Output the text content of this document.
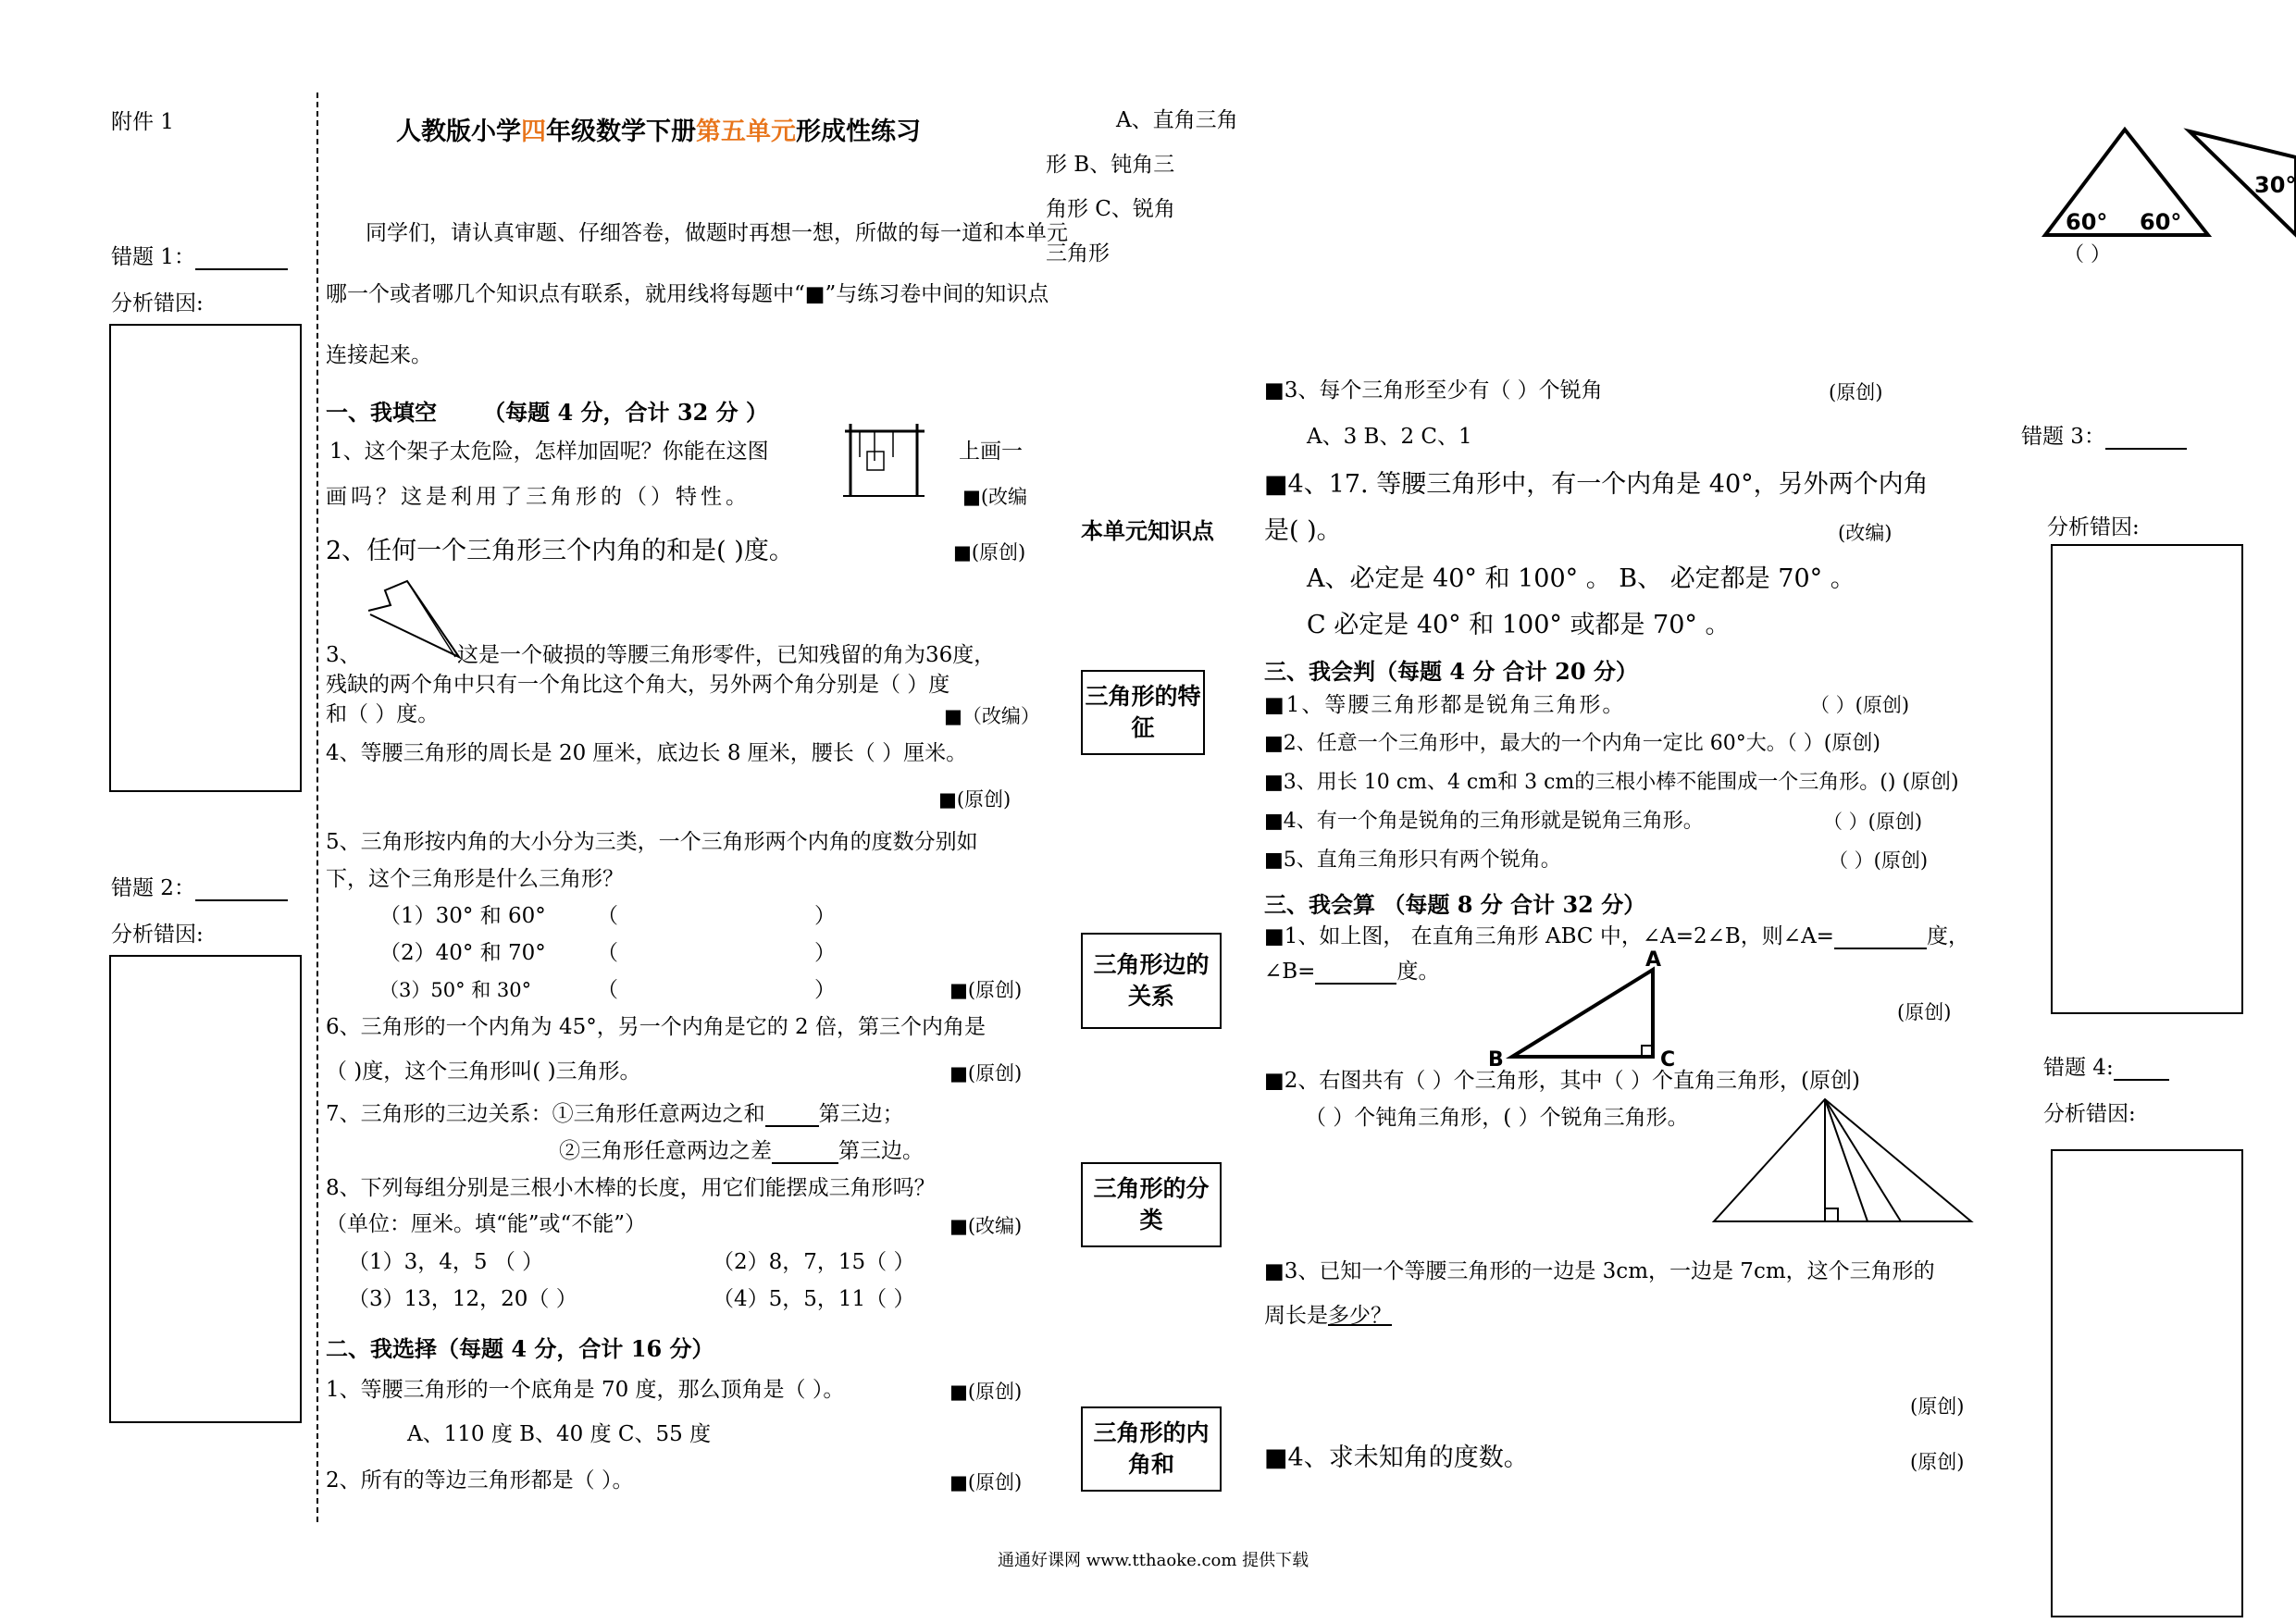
附件 1
错题 1：
分析错因:
错题 2：
分析错因:
人教版小学四年级数学下册第五单元形成性练习
同学们，请认真审题、仔细答卷，做题时再想一想，所做的每一道和本单元
哪一个或者哪几个知识点有联系，就用线将每题中“■”与练习卷中间的知识点
连接起来。
一、我填空 （每题 4 分，合计 32 分 ）
1、这个架子太危险，怎样加固呢？你能在这图	上画一
画吗？这是利用了三角形的（）特性。	■(改编
2、任何一个三角形三个内角的和是( )度。	■(原创)
3、	这是一个破损的等腰三角形零件，已知残留的角为36度，
残缺的两个角中只有一个角比这个角大，另外两个角分别是（ ）度
和（ ）度。	■（改编）
4、等腰三角形的周长是 20 厘米，底边长 8 厘米，腰长（ ）厘米。
■(原创)
5、三角形按内角的大小分为三类，一个三角形两个内角的度数分别如
下，这个三角形是什么三角形？
（1）30° 和 60° （	）
（2）40° 和 70° （	）
（3）50° 和 30°	（	）	■(原创)
6、三角形的一个内角为 45°，另一个内角是它的 2 倍，第三个内角是
（ )度，这个三角形叫( )三角形。	■(原创)
7、三角形的三边关系：①三角形任意两边之和	第三边；
②三角形任意两边之差	第三边。
8、下列每组分别是三根小木棒的长度，用它们能摆成三角形吗？
（单位：厘米。填“能”或“不能”）	■(改编)
（1）3，4，5 （ ）	（2）8，7，15（ ）
（3）13，12，20（ ）	（4）5，5，11（ ）
二、我选择（每题 4 分，合计 16 分）
1、等腰三角形的一个底角是 70 度，那么顶角是（ ）。	■(原创)
A、110 度 B、40 度 C、55 度
2、所有的等边三角形都是（ ）。	■(原创)
A、直角三角
形 B、钝角三
角形 C、锐角
三角形
本单元知识点
三角形的特征
三角形边的关系
三角形的分类
三角形的内角和
■3、每个三角形至少有（ ）个锐角	(原创)
A、3 B、2 C、1
■4、17. 等腰三角形中，有一个内角是 40°，另外两个内角
是( )。	(改编)
A、必定是 40° 和 100° 。 B、 必定都是 70° 。
C 必定是 40° 和 100° 或都是 70° 。
三、我会判（每题 4 分 合计 20 分）
■1、等腰三角形都是锐角三角形。	（ ）(原创)
■2、任意一个三角形中，最大的一个内角一定比 60°大。（ ）(原创)
■3、用长 10 cm、4 cm和 3 cm的三根小棒不能围成一个三角形。() (原创)
■4、有一个角是锐角的三角形就是锐角三角形。	（ ）(原创)
■5、直角三角形只有两个锐角。	（ ）(原创)
三、我会算 （每题 8 分 合计 32 分）
■1、如上图， 在直角三角形 ABC 中，∠A=2∠B，则∠A=	度，
∠B=	度。
(原创)
A
B	C
■2、右图共有（ ）个三角形，其中（ ）个直角三角形，(原创)
（ ）个钝角三角形，( ）个锐角三角形。
■3、已知一个等腰三角形的一边是 3cm，一边是 7cm，这个三角形的
周长是多少？
(原创)
■4、求未知角的度数。	(原创)
60° 60°
（ ）
30°
错题 3：
分析错因:
错题 4:
分析错因:
通通好课网 www.tthaoke.com 提供下载
